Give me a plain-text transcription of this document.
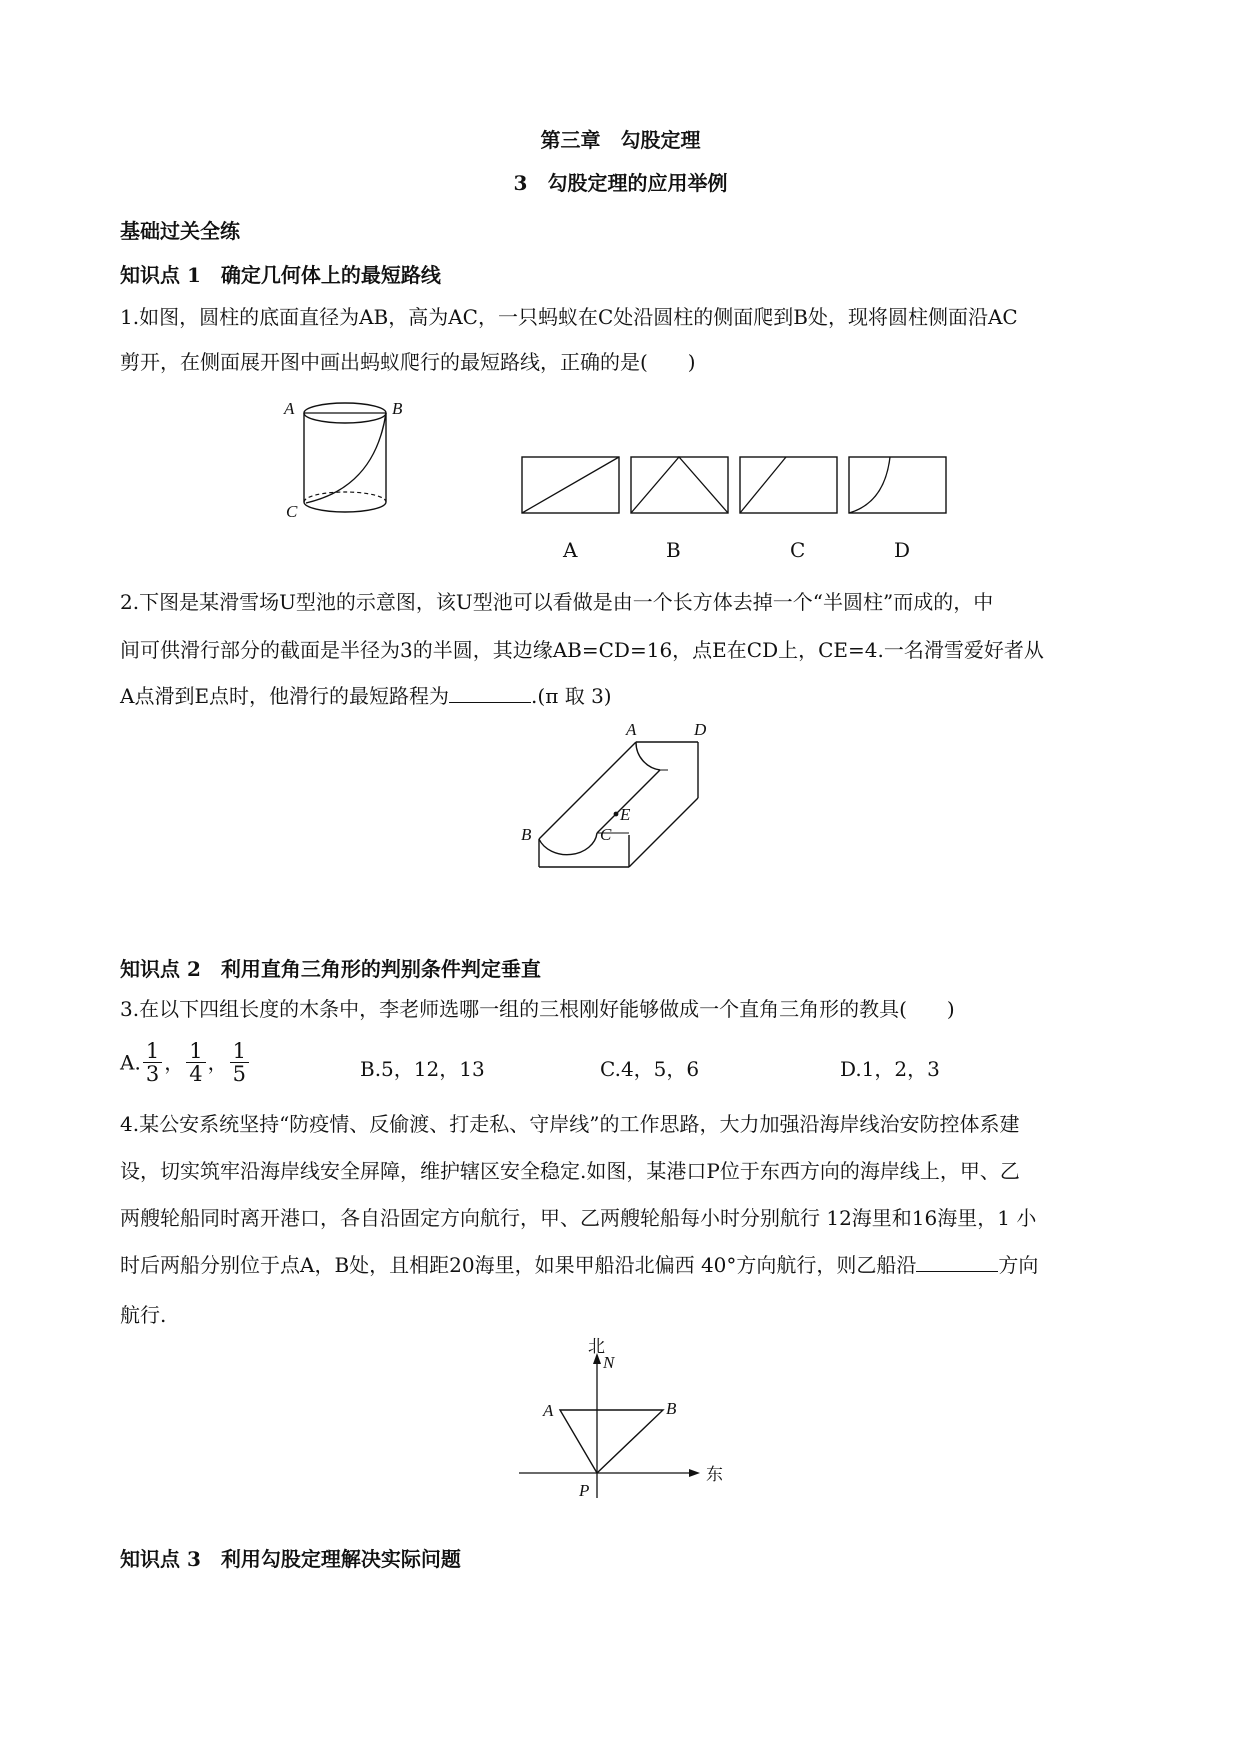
第三章　勾股定理
3　勾股定理的应用举例
基础过关全练
知识点 1　确定几何体上的最短路线
1.如图，圆柱的底面直径为AB，高为AC，一只蚂蚁在C处沿圆柱的侧面爬到B处，现将圆柱侧面沿AC
剪开，在侧面展开图中画出蚂蚁爬行的最短路线，正确的是(　　)
A	B
C
A	B	C	D
2.下图是某滑雪场U型池的示意图，该U型池可以看做是由一个长方体去掉一个“半圆柱”而成的，中
间可供滑行部分的截面是半径为3的半圆，其边缘AB=CD=16，点E在CD上，CE=4.一名滑雪爱好者从
A点滑到E点时，他滑行的最短路程为	.(π 取 3)
A	D
B	C
E
知识点 2　利用直角三角形的判别条件判定垂直
3.在以下四组长度的木条中，李老师选哪一组的三根刚好能够做成一个直角三角形的教具(　　)
A. $\frac{1}{3}$ ， $\frac{1}{4}$ ， $\frac{1}{5}$	B.5，12，13	C.4，5，6	D.1，2，3
4.某公安系统坚持“防疫情、反偷渡、打走私、守岸线”的工作思路，大力加强沿海岸线治安防控体系建
设，切实筑牢沿海岸线安全屏障，维护辖区安全稳定.如图，某港口P位于东西方向的海岸线上，甲、乙
两艘轮船同时离开港口，各自沿固定方向航行，甲、乙两艘轮船每小时分别航行 12海里和16海里，1 小
时后两船分别位于点A，B处，且相距20海里，如果甲船沿北偏西 40°方向航行，则乙船沿	方向
航行.
北
N
东
A	B
P
知识点 3　利用勾股定理解决实际问题
